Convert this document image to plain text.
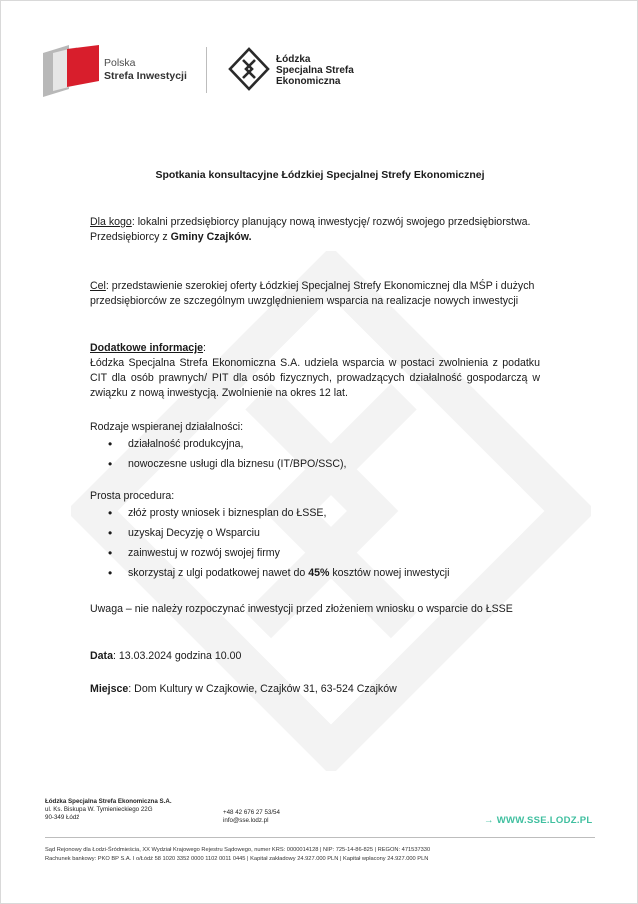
Polska
Strefa Inwestycji
Łódzka
Specjalna Strefa
Ekonomiczna
Spotkania konsultacyjne Łódzkiej Specjalnej Strefy Ekonomicznej
Dla kogo: lokalni przedsiębiorcy planujący nową inwestycję/ rozwój swojego przedsiębiorstwa.
Przedsiębiorcy z Gminy Czajków.
Cel: przedstawienie szerokiej oferty Łódzkiej Specjalnej Strefy Ekonomicznej dla MŚP i dużych przedsiębiorców ze szczególnym uwzględnieniem wsparcia na realizacje nowych inwestycji
Dodatkowe informacje:
Łódzka Specjalna Strefa Ekonomiczna S.A. udziela wsparcia w postaci zwolnienia z podatku CIT dla osób prawnych/ PIT dla osób fizycznych, prowadzących działalność gospodarczą w związku z nową inwestycją. Zwolnienie na okres 12 lat.
Rodzaje wspieranej działalności:
• działalność produkcyjna,
• nowoczesne usługi dla biznesu (IT/BPO/SSC),
Prosta procedura:
• złóż prosty wniosek i biznesplan do ŁSSE,
• uzyskaj Decyzję o Wsparciu
• zainwestuj w rozwój swojej firmy
• skorzystaj z ulgi podatkowej nawet do 45% kosztów nowej inwestycji
Uwaga – nie należy rozpoczynać inwestycji przed złożeniem wniosku o wsparcie do ŁSSE
Data: 13.03.2024 godzina 10.00
Miejsce: Dom Kultury w Czajkowie, Czajków 31, 63-524 Czajków
Łódzka Specjalna Strefa Ekonomiczna S.A.
ul. Ks. Biskupa W. Tymienieckiego 22G
90-349 Łódź
+48 42 676 27 53/54
info@sse.lodz.pl	→ WWW.SSE.LODZ.PL
Sąd Rejonowy dla Łodzi-Śródmieścia, XX Wydział Krajowego Rejestru Sądowego, numer KRS: 0000014128 | NIP: 725-14-86-825 | REGON: 471537330
Rachunek bankowy: PKO BP S.A. I o/Łódź 58 1020 3352 0000 1102 0011 0445 | Kapitał zakładowy 24.927.000 PLN | Kapitał wpłacony 24.927.000 PLN
